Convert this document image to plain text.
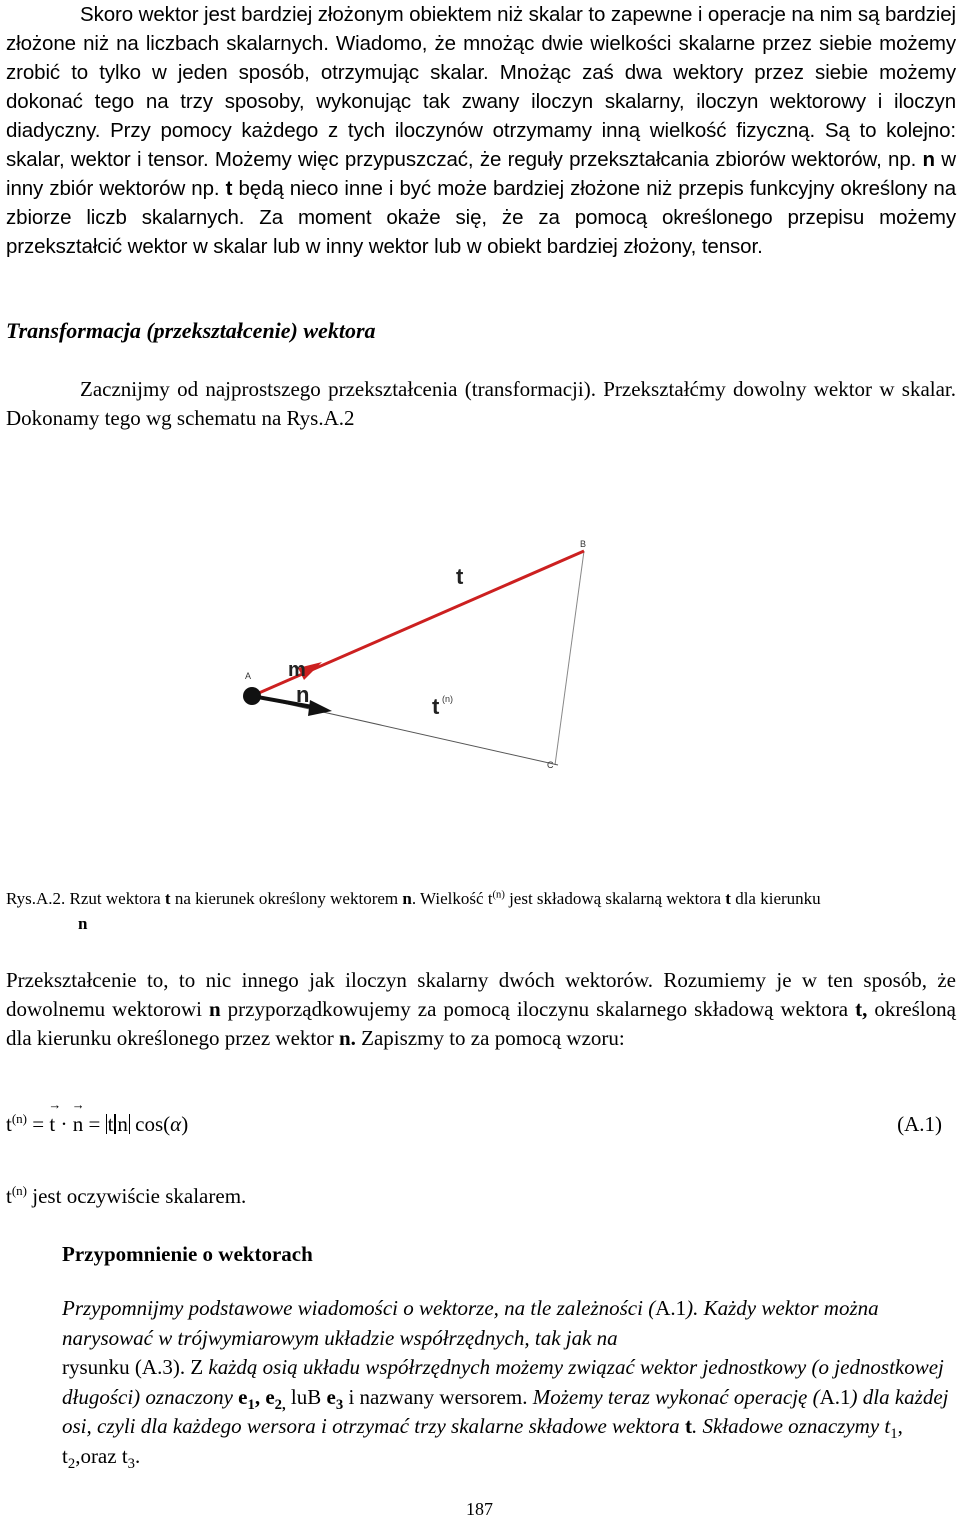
Skoro wektor jest bardziej złożonym obiektem niż skalar to zapewne i operacje na nim są bardziej złożone niż na liczbach skalarnych. Wiadomo, że mnożąc dwie wielkości skalarne przez siebie możemy zrobić to tylko w jeden sposób, otrzymując skalar. Mnożąc zaś dwa wektory przez siebie możemy dokonać tego na trzy sposoby, wykonując tak zwany iloczyn skalarny, iloczyn wektorowy i iloczyn diadyczny. Przy pomocy każdego z tych iloczynów otrzymamy inną wielkość fizyczną. Są to kolejno: skalar, wektor i tensor. Możemy więc przypuszczać, że reguły przekształcania zbiorów wektorów, np. n w inny zbiór wektorów np. t będą nieco inne i być może bardziej złożone niż przepis funkcyjny określony na zbiorze liczb skalarnych. Za moment okaże się, że za pomocą określonego przepisu możemy przekształcić wektor w skalar lub w inny wektor lub w obiekt bardziej złożony, tensor.

Transformacja (przekształcenie) wektora

Zacznijmy od najprostszego przekształcenia (transformacji). Przekształćmy dowolny wektor w skalar. Dokonamy tego wg schematu na Rys.A.2

A
B
C
t
m
n	t (n)

Rys.A.2. Rzut wektora t na kierunek określony wektorem n. Wielkość $t^{(n)}$ jest składową skalarną wektora t dla kierunku
n

Przekształcenie to, to nic innego jak iloczyn skalarny dwóch wektorów. Rozumiemy je w ten sposób, że dowolnemu wektorowi n przyporządkowujemy za pomocą iloczynu skalarnego składową wektora t, określoną dla kierunku określonego przez wektor n. Zapiszmy to za pomocą wzoru:

$t^{(n)}$ = → t · → n = t n cos(α)	(A.1)

$t^{(n)}$ jest oczywiście skalarem.

Przypomnienie o wektorach

Przypomnijmy podstawowe wiadomości o wektorze, na tle zależności (A.1). Każdy wektor można narysować w trójwymiarowym układzie współrzędnych, tak jak na
rysunku (A.3). Z każdą osią układu współrzędnych możemy związać wektor jednostkowy (o jednostkowej długości) oznaczony $e_1$, $e_{2,}$ luB $e_3$ i nazwany wersorem. Możemy teraz wykonać operację (A.1) dla każdej osi, czyli dla każdego wersora i otrzymać trzy skalarne składowe wektora t. Składowe oznaczymy $t_1$, $t_2,oraz$ $t_3$.

187
